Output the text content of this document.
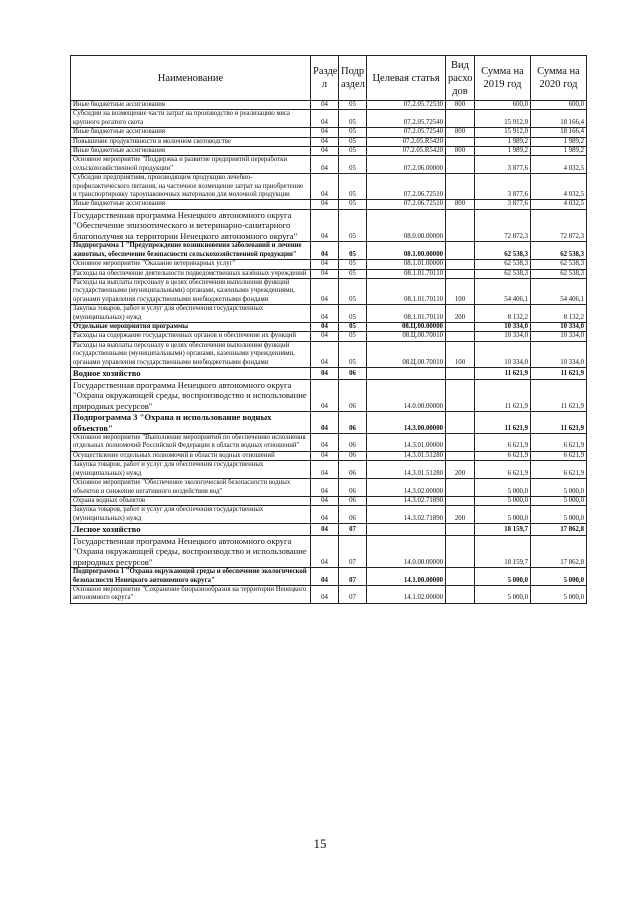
Наименование	Разде л	Подр аздел	Целевая статья	Вид расхо дов	Сумма на 2019 год	Сумма на 2020 год
Иные бюджетные ассигнования	04	05	07.2.05.72530	800	600,0	600,0
Субсидии на возмещение части затрат на производство и реализацию мяса крупного рогатого скота	04	05	07.2.05.72540		15 912,0	18 166,4
Иные бюджетные ассигнования	04	05	07.2.05.72540	800	15 912,0	18 166,4
Повышение продуктивности в молочном скотоводстве	04	05	07.2.05.R5420		1 989,2	1 989,2
Иные бюджетные ассигнования	04	05	07.2.05.R5420	800	1 989,2	1 989,2
Основное мероприятие "Поддержка и развитие предприятий переработки сельскохозяйственной продукции"	04	05	07.2.06.00000		3 877,6	4 032,5
Субсидии предприятиям, производящим продукцию лечебно-профилактического питания, на частичное возмещение затрат на приобретение и транспортировку тароупаковочных материалов для молочной продукции	04	05	07.2.06.72510		3 877,6	4 032,5
Иные бюджетные ассигнования	04	05	07.2.06.72510	800	3 877,6	4 032,5
Государственная программа Ненецкого автономного округа "Обеспечение эпизоотического и ветеринарно-санитарного благополучия на территории Ненецкого автономного округа"	04	05	08.0.00.00000		72 872,3	72 872,3
Подпрограмма 1 "Предупреждение возникновения заболеваний и лечение животных, обеспечение безопасности сельскохозяйственной продукции"	04	05	08.1.00.00000		62 538,3	62 538,3
Основное мероприятие "Оказание ветеринарных услуг"	04	05	08.1.01.00000		62 538,3	62 538,3
Расходы на обеспечение деятельности подведомственных казённых учреждений	04	05	08.1.01.70110		62 538,3	62 538,3
Расходы на выплаты персоналу в целях обеспечения выполнения функций государственными (муниципальными) органами, казенными учреждениями, органами управления государственными внебюджетными фондами	04	05	08.1.01.70110	100	54 406,1	54 406,1
Закупка товаров, работ и услуг для обеспечения государственных (муниципальных) нужд	04	05	08.1.01.70110	200	8 132,2	8 132,2
Отдельные мероприятия программы	04	05	08.Ц.00.00000		10 334,0	10 334,0
Расходы на содержание государственных органов и обеспечение их функций	04	05	08.Ц.00.70010		10 334,0	10 334,0
Расходы на выплаты персоналу в целях обеспечения выполнения функций государственными (муниципальными) органами, казенными учреждениями, органами управления государственными внебюджетными фондами	04	05	08.Ц.00.70010	100	10 334,0	10 334,0
Водное хозяйство	04	06			11 621,9	11 621,9
Государственная программа Ненецкого автономного округа "Охрана окружающей среды, воспроизводство и использование природных ресурсов"	04	06	14.0.00.00000		11 621,9	11 621,9
Подпрограмма 3 "Охрана и использование водных объектов"	04	06	14.3.00.00000		11 621,9	11 621,9
Основное мероприятие "Выполнение мероприятий по обеспечению исполнения отдельных полномочий Российской Федерации в области водных отношений"	04	06	14.3.01.00000		6 621,9	6 621,9
Осуществление отдельных полномочий в области водных отношений	04	06	14.3.01.51280		6 621,9	6 621,9
Закупка товаров, работ и услуг для обеспечения государственных (муниципальных) нужд	04	06	14.3.01.51280	200	6 621,9	6 621,9
Основное мероприятие "Обеспечение экологической безопасности водных объектов и снижение негативного воздействия вод"	04	06	14.3.02.00000		5 000,0	5 000,0
Охрана водных объектов	04	06	14.3.02.71890		5 000,0	5 000,0
Закупка товаров, работ и услуг для обеспечения государственных (муниципальных) нужд	04	06	14.3.02.71890	200	5 000,0	5 000,0
Лесное хозяйство	04	07			18 159,7	17 862,8
Государственная программа Ненецкого автономного округа "Охрана окружающей среды, воспроизводство и использование природных ресурсов"	04	07	14.0.00.00000		18 159,7	17 862,8
Подпрограмма 1 "Охрана окружающей среды и обеспечение экологической безопасности Ненецкого автономного округа"	04	07	14.1.00.00000		5 000,0	5 000,0
Основное мероприятие "Сохранение биоразнообразия на территории Ненецкого автономного округа"	04	07	14.1.02.00000		5 000,0	5 000,0
15
